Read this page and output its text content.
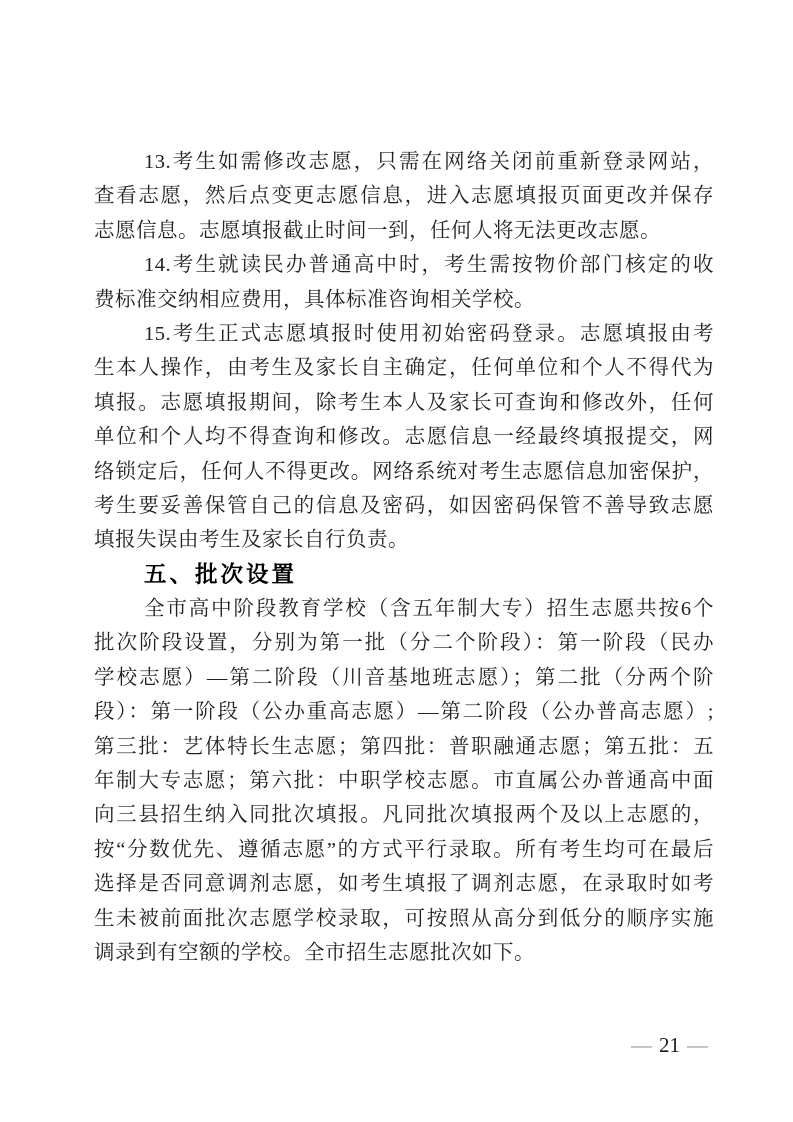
13.考生如需修改志愿，只需在网络关闭前重新登录网站，
查看志愿，然后点变更志愿信息，进入志愿填报页面更改并保存
志愿信息。志愿填报截止时间一到，任何人将无法更改志愿。
14.考生就读民办普通高中时，考生需按物价部门核定的收
费标准交纳相应费用，具体标准咨询相关学校。
15.考生正式志愿填报时使用初始密码登录。志愿填报由考
生本人操作，由考生及家长自主确定，任何单位和个人不得代为
填报。志愿填报期间，除考生本人及家长可查询和修改外，任何
单位和个人均不得查询和修改。志愿信息一经最终填报提交，网
络锁定后，任何人不得更改。网络系统对考生志愿信息加密保护，
考生要妥善保管自己的信息及密码，如因密码保管不善导致志愿
填报失误由考生及家长自行负责。
五、批次设置
全市高中阶段教育学校（含五年制大专）招生志愿共按6个
批次阶段设置，分别为第一批（分二个阶段）：第一阶段（民办
学校志愿）—第二阶段（川音基地班志愿）；第二批（分两个阶
段）：第一阶段（公办重高志愿）—第二阶段（公办普高志愿）;
第三批：艺体特长生志愿；第四批：普职融通志愿；第五批：五
年制大专志愿；第六批：中职学校志愿。市直属公办普通高中面
向三县招生纳入同批次填报。凡同批次填报两个及以上志愿的，
按“分数优先、遵循志愿”的方式平行录取。所有考生均可在最后
选择是否同意调剂志愿，如考生填报了调剂志愿，在录取时如考
生未被前面批次志愿学校录取，可按照从高分到低分的顺序实施
调录到有空额的学校。全市招生志愿批次如下。
— 21 —
